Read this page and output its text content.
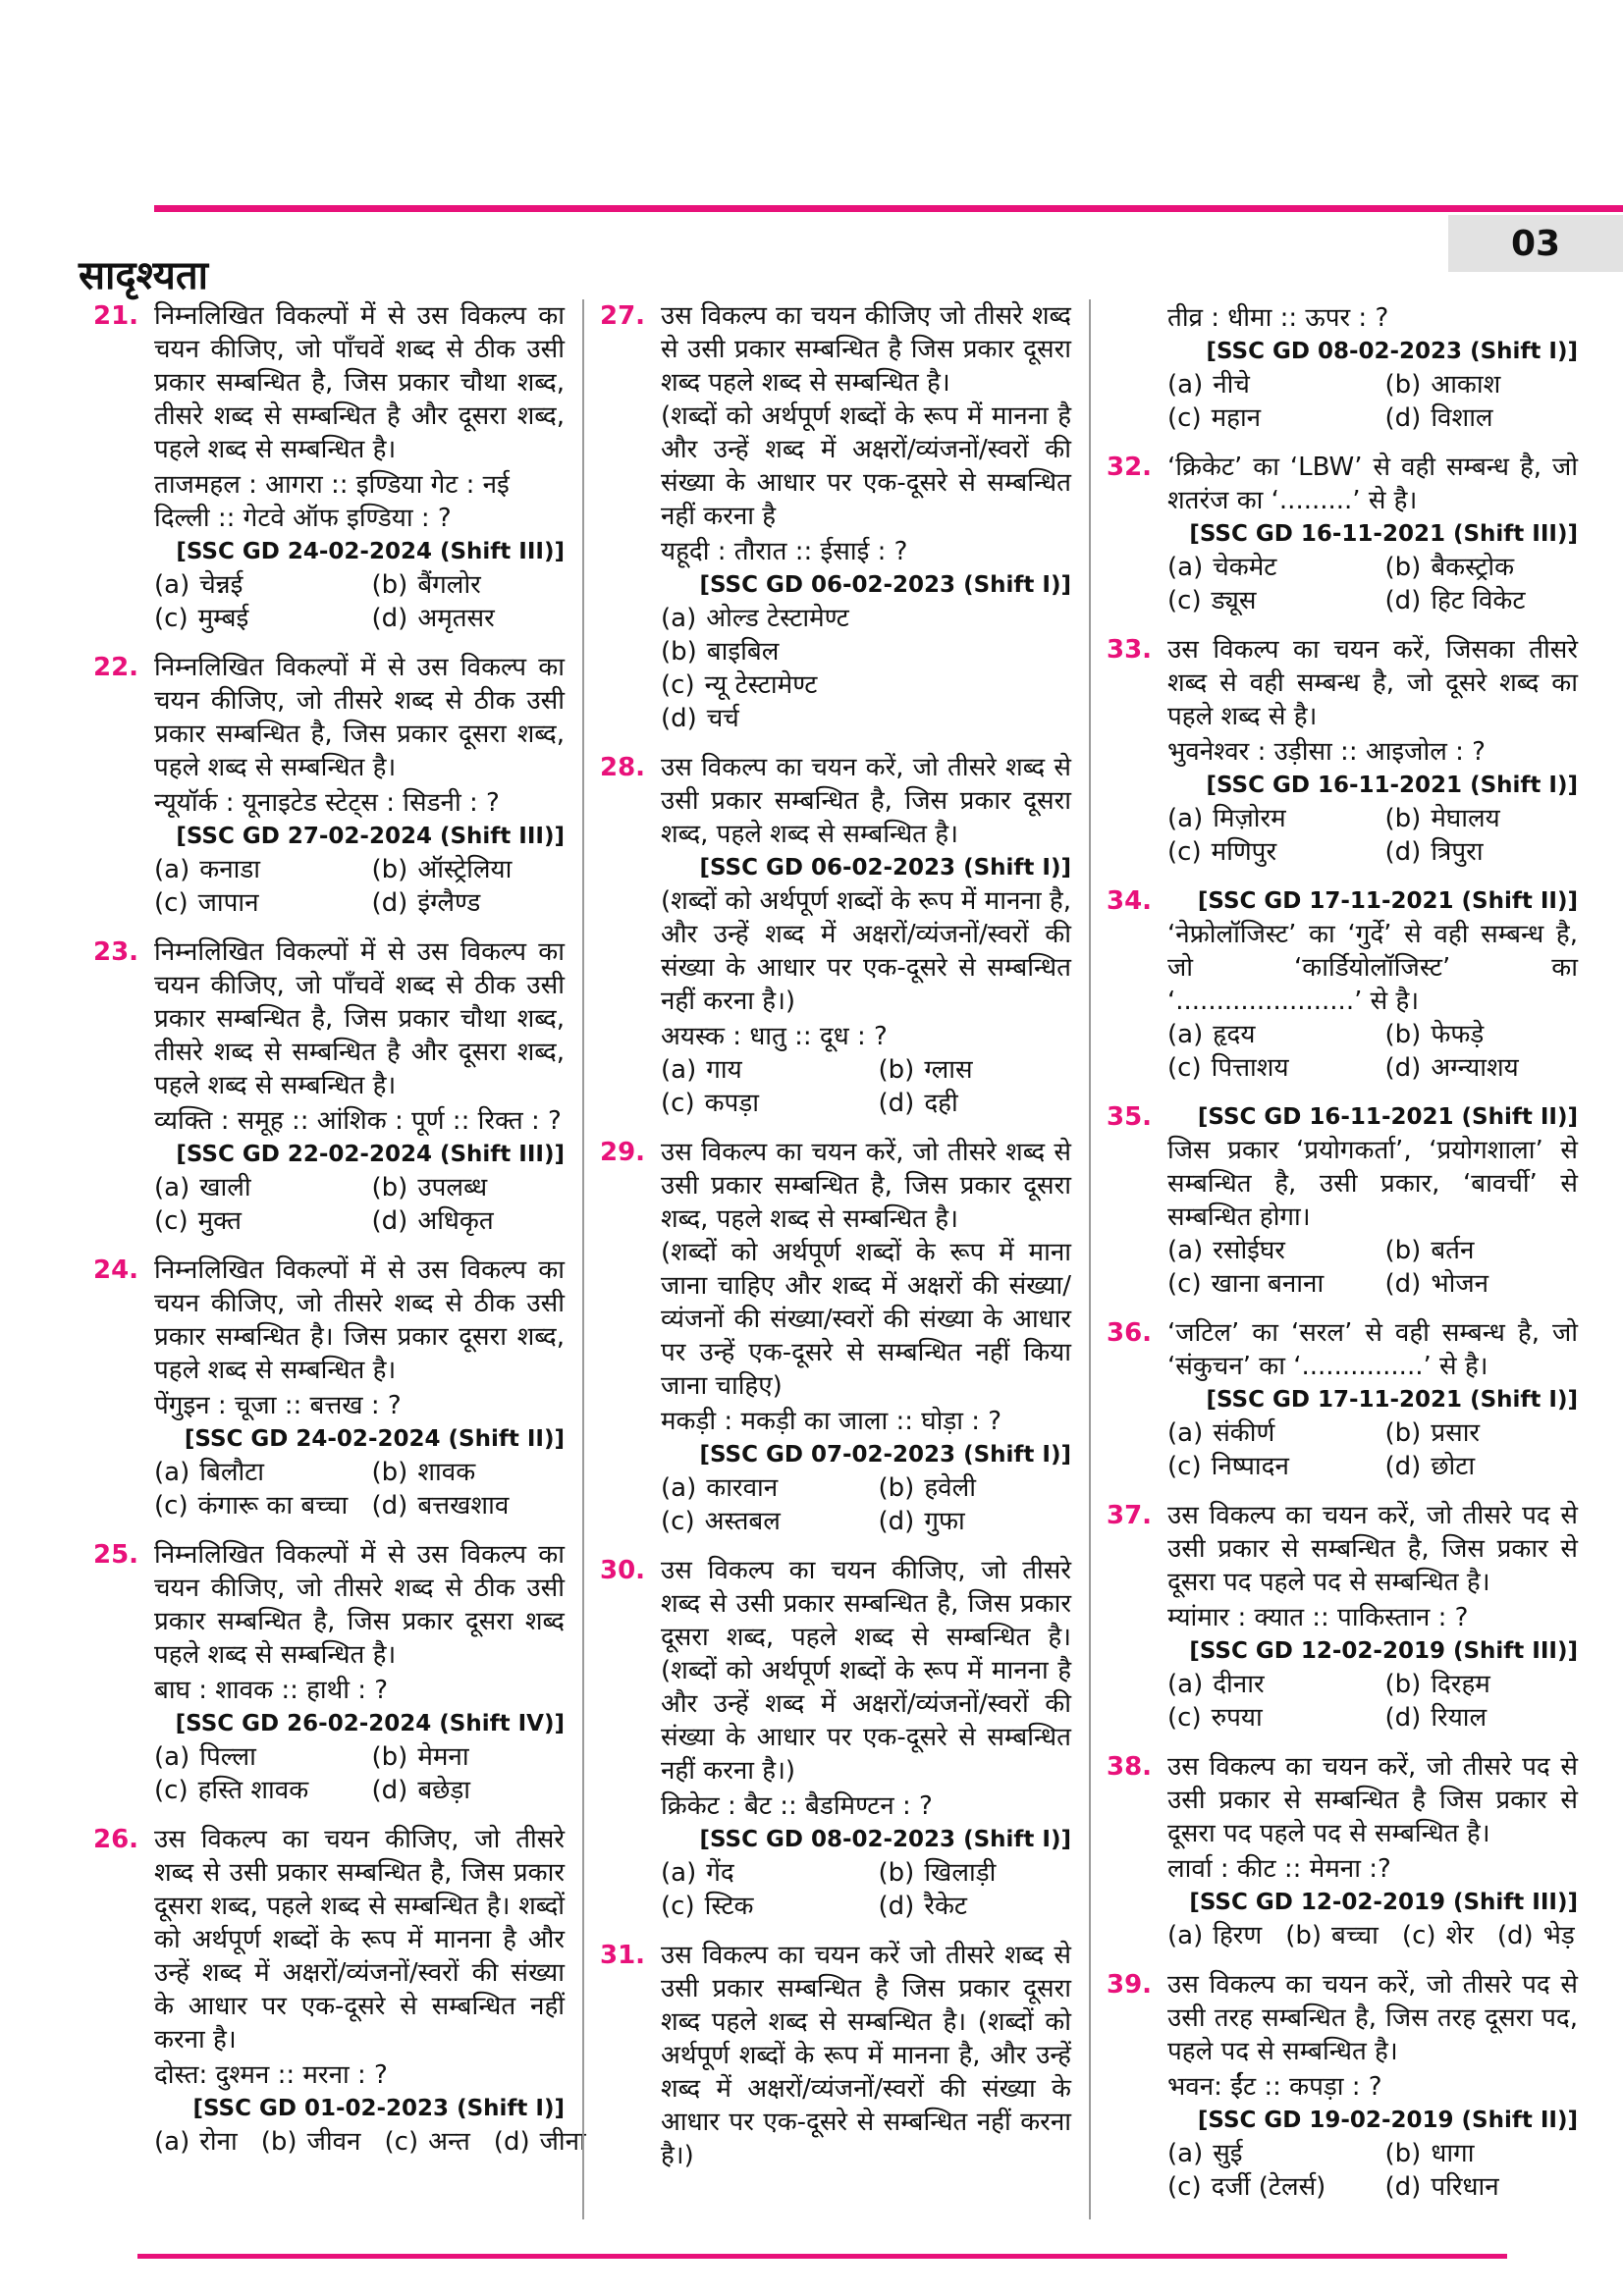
सादृश्यता
03
21. निम्नलिखित विकल्पों में से उस विकल्प का चयन कीजिए, जो पाँचवें शब्द से ठीक उसी प्रकार सम्बन्धित है, जिस प्रकार चौथा शब्द, तीसरे शब्द से सम्बन्धित है और दूसरा शब्द, पहले शब्द से सम्बन्धित है।

ताजमहल : आगरा :: इण्डिया गेट : नई दिल्ली :: गेटवे ऑफ इण्डिया : ?

[SSC GD 24-02-2024 (Shift III)]

(a) चेन्नई	(b) बैंगलोर
(c) मुम्बई	(d) अमृतसर
22. निम्नलिखित विकल्पों में से उस विकल्प का चयन कीजिए, जो तीसरे शब्द से ठीक उसी प्रकार सम्बन्धित है, जिस प्रकार दूसरा शब्द, पहले शब्द से सम्बन्धित है।

न्यूयॉर्क : यूनाइटेड स्टेट्स : सिडनी : ?

[SSC GD 27-02-2024 (Shift III)]

(a) कनाडा	(b) ऑस्ट्रेलिया
(c) जापान	(d) इंग्लैण्ड
23. निम्नलिखित विकल्पों में से उस विकल्प का चयन कीजिए, जो पाँचवें शब्द से ठीक उसी प्रकार सम्बन्धित है, जिस प्रकार चौथा शब्द, तीसरे शब्द से सम्बन्धित है और दूसरा शब्द, पहले शब्द से सम्बन्धित है।

व्यक्ति : समूह :: आंशिक : पूर्ण :: रिक्त : ?

[SSC GD 22-02-2024 (Shift III)]

(a) खाली	(b) उपलब्ध
(c) मुक्त	(d) अधिकृत
24. निम्नलिखित विकल्पों में से उस विकल्प का चयन कीजिए, जो तीसरे शब्द से ठीक उसी प्रकार सम्बन्धित है। जिस प्रकार दूसरा शब्द, पहले शब्द से सम्बन्धित है।

पेंगुइन : चूजा :: बत्तख : ?

[SSC GD 24-02-2024 (Shift II)]

(a) बिलौटा	(b) शावक
(c) कंगारू का बच्चा (d) बत्तखशाव
25. निम्नलिखित विकल्पों में से उस विकल्प का चयन कीजिए, जो तीसरे शब्द से ठीक उसी प्रकार सम्बन्धित है, जिस प्रकार दूसरा शब्द पहले शब्द से सम्बन्धित है।

बाघ : शावक :: हाथी : ?

[SSC GD 26-02-2024 (Shift IV)]

(a) पिल्ला	(b) मेमना
(c) हस्ति शावक	(d) बछेड़ा
26. उस विकल्प का चयन कीजिए, जो तीसरे शब्द से उसी प्रकार सम्बन्धित है, जिस प्रकार दूसरा शब्द, पहले शब्द से सम्बन्धित है। शब्दों को अर्थपूर्ण शब्दों के रूप में मानना है और उन्हें शब्द में अक्षरों/व्यंजनों/स्वरों की संख्या के आधार पर एक-दूसरे से सम्बन्धित नहीं करना है।

दोस्त: दुश्मन :: मरना : ?

[SSC GD 01-02-2023 (Shift I)]

(a) रोना (b) जीवन (c) अन्त (d) जीना
27. उस विकल्प का चयन कीजिए जो तीसरे शब्द से उसी प्रकार सम्बन्धित है जिस प्रकार दूसरा शब्द पहले शब्द से सम्बन्धित है।

(शब्दों को अर्थपूर्ण शब्दों के रूप में मानना है और उन्हें शब्द में अक्षरों/व्यंजनों/स्वरों की संख्या के आधार पर एक-दूसरे से सम्बन्धित नहीं करना है

यहूदी : तौरात :: ईसाई : ?

[SSC GD 06-02-2023 (Shift I)]

(a) ओल्ड टेस्टामेण्ट
(b) बाइबिल
(c) न्यू टेस्टामेण्ट
(d) चर्च
28. उस विकल्प का चयन करें, जो तीसरे शब्द से उसी प्रकार सम्बन्धित है, जिस प्रकार दूसरा शब्द, पहले शब्द से सम्बन्धित है।

[SSC GD 06-02-2023 (Shift I)]
(शब्दों को अर्थपूर्ण शब्दों के रूप में मानना है, और उन्हें शब्द में अक्षरों/व्यंजनों/स्वरों की संख्या के आधार पर एक-दूसरे से सम्बन्धित नहीं करना है।)

अयस्क : धातु :: दूध : ?

(a) गाय	(b) ग्लास
(c) कपड़ा	(d) दही
29. उस विकल्प का चयन करें, जो तीसरे शब्द से उसी प्रकार सम्बन्धित है, जिस प्रकार दूसरा शब्द, पहले शब्द से सम्बन्धित है।

(शब्दों को अर्थपूर्ण शब्दों के रूप में माना जाना चाहिए और शब्द में अक्षरों की संख्या/व्यंजनों की संख्या/स्वरों की संख्या के आधार पर उन्हें एक-दूसरे से सम्बन्धित नहीं किया जाना चाहिए)

मकड़ी : मकड़ी का जाला :: घोड़ा : ?

[SSC GD 07-02-2023 (Shift I)]

(a) कारवान	(b) हवेली
(c) अस्तबल	(d) गुफा
30. उस विकल्प का चयन कीजिए, जो तीसरे शब्द से उसी प्रकार सम्बन्धित है, जिस प्रकार दूसरा शब्द, पहले शब्द से सम्बन्धित है। (शब्दों को अर्थपूर्ण शब्दों के रूप में मानना है और उन्हें शब्द में अक्षरों/व्यंजनों/स्वरों की संख्या के आधार पर एक-दूसरे से सम्बन्धित नहीं करना है।)

क्रिकेट : बैट :: बैडमिण्टन : ?

[SSC GD 08-02-2023 (Shift I)]

(a) गेंद	(b) खिलाड़ी
(c) स्टिक	(d) रैकेट
31. उस विकल्प का चयन करें जो तीसरे शब्द से उसी प्रकार सम्बन्धित है जिस प्रकार दूसरा शब्द पहले शब्द से सम्बन्धित है। (शब्दों को अर्थपूर्ण शब्दों के रूप में मानना है, और उन्हें शब्द में अक्षरों/व्यंजनों/स्वरों की संख्या के आधार पर एक-दूसरे से सम्बन्धित नहीं करना है।)

तीव्र : धीमा :: ऊपर : ?

[SSC GD 08-02-2023 (Shift I)]

(a) नीचे	(b) आकाश
(c) महान	(d) विशाल
32. ‘क्रिकेट’ का ‘LBW’ से वही सम्बन्ध है, जो शतरंज का ‘.........’ से है।

[SSC GD 16-11-2021 (Shift III)]

(a) चेकमेट	(b) बैकस्ट्रोक
(c) ड्यूस	(d) हिट विकेट
33. उस विकल्प का चयन करें, जिसका तीसरे शब्द से वही सम्बन्ध है, जो दूसरे शब्द का पहले शब्द से है।

भुवनेश्वर : उड़ीसा :: आइजोल : ?

[SSC GD 16-11-2021 (Shift I)]

(a) मिज़ोरम	(b) मेघालय
(c) मणिपुर	(d) त्रिपुरा
34.	[SSC GD 17-11-2021 (Shift II)]
‘नेफ्रोलॉजिस्ट’ का ‘गुर्दे’ से वही सम्बन्ध है, जो ‘कार्डियोलॉजिस्ट’ का ‘......................’ से है।

(a) हृदय	(b) फेफड़े
(c) पित्ताशय	(d) अग्न्याशय
35.	[SSC GD 16-11-2021 (Shift II)]
जिस प्रकार ‘प्रयोगकर्ता’, ‘प्रयोगशाला’ से सम्बन्धित है, उसी प्रकार, ‘बावर्ची’ से सम्बन्धित होगा।

(a) रसोईघर	(b) बर्तन
(c) खाना बनाना	(d) भोजन
36. ‘जटिल’ का ‘सरल’ से वही सम्बन्ध है, जो ‘संकुचन’ का ‘...............’ से है।

[SSC GD 17-11-2021 (Shift I)]

(a) संकीर्ण	(b) प्रसार
(c) निष्पादन	(d) छोटा
37. उस विकल्प का चयन करें, जो तीसरे पद से उसी प्रकार से सम्बन्धित है, जिस प्रकार से दूसरा पद पहले पद से सम्बन्धित है।

म्यांमार : क्यात :: पाकिस्तान : ?

[SSC GD 12-02-2019 (Shift III)]

(a) दीनार	(b) दिरहम
(c) रुपया	(d) रियाल
38. उस विकल्प का चयन करें, जो तीसरे पद से उसी प्रकार से सम्बन्धित है जिस प्रकार से दूसरा पद पहले पद से सम्बन्धित है।

लार्वा : कीट :: मेमना :?

[SSC GD 12-02-2019 (Shift III)]

(a) हिरण (b) बच्चा (c) शेर (d) भेड़
39. उस विकल्प का चयन करें, जो तीसरे पद से उसी तरह सम्बन्धित है, जिस तरह दूसरा पद, पहले पद से सम्बन्धित है।

भवन: ईंट :: कपड़ा : ?

[SSC GD 19-02-2019 (Shift II)]

(a) सुई	(b) धागा
(c) दर्जी (टेलर्स)	(d) परिधान
